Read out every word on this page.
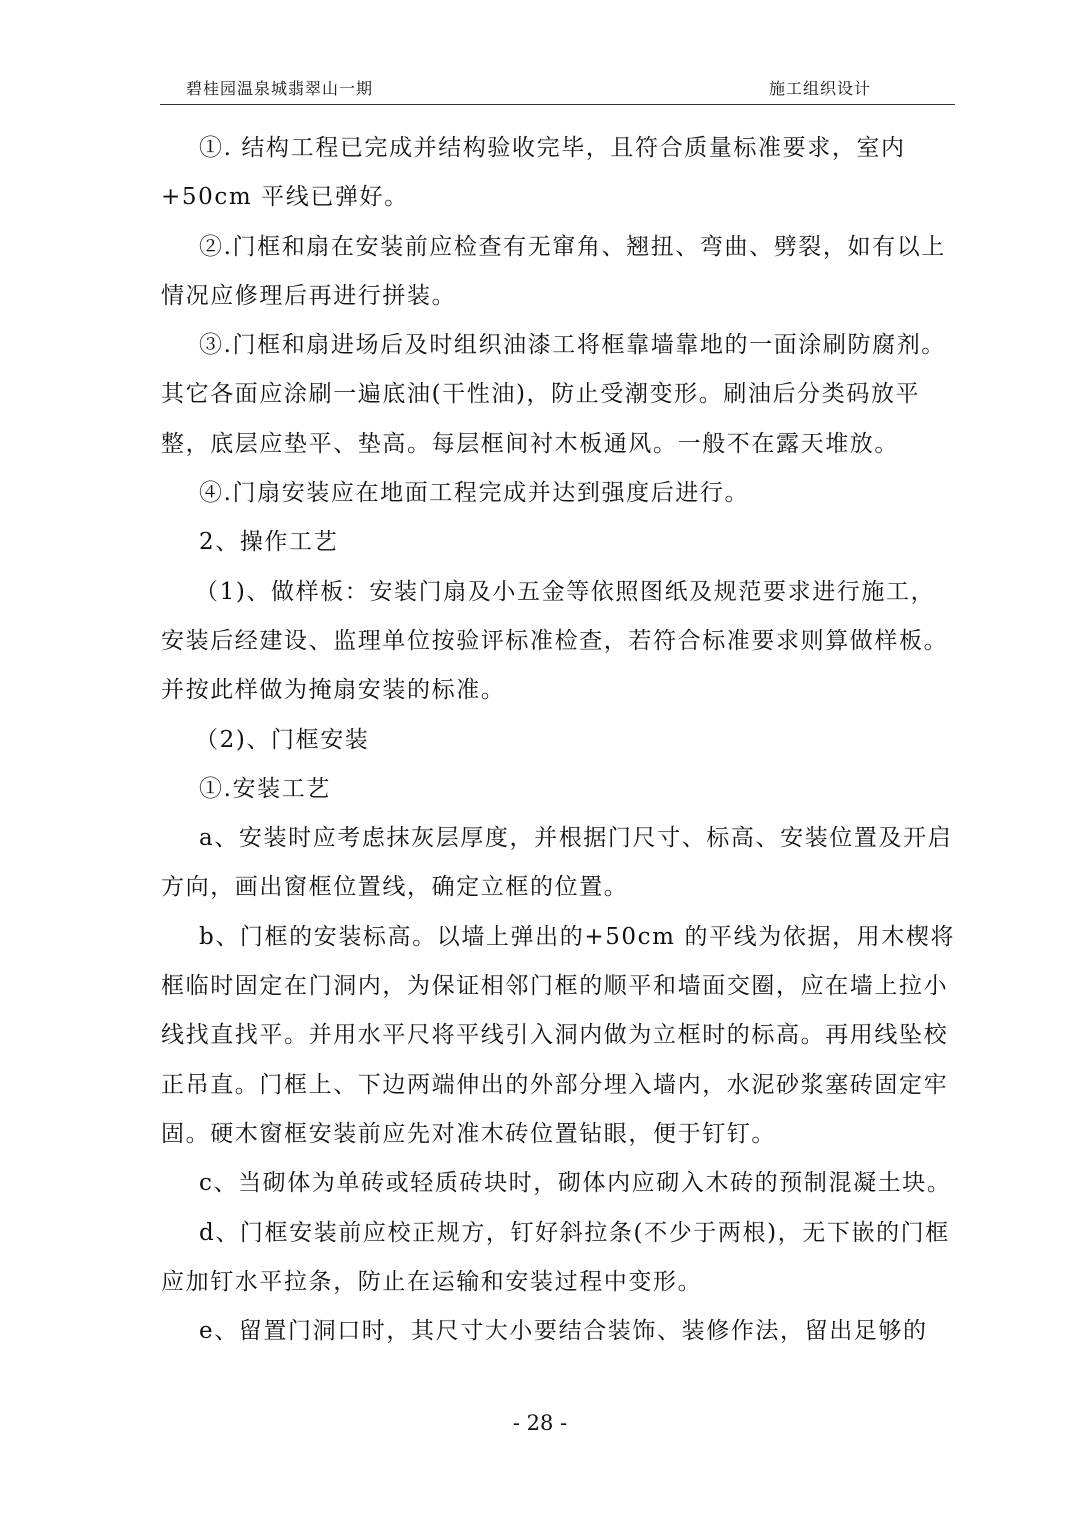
碧桂园温泉城翡翠山一期	施工组织设计

①. 结构工程已完成并结构验收完毕，且符合质量标准要求，室内+50cm 平线已弹好。

②.门框和扇在安装前应检查有无窜角、翘扭、弯曲、劈裂，如有以上情况应修理后再进行拼装。

③.门框和扇进场后及时组织油漆工将框靠墙靠地的一面涂刷防腐剂。其它各面应涂刷一遍底油(干性油)，防止受潮变形。刷油后分类码放平整，底层应垫平、垫高。每层框间衬木板通风。一般不在露天堆放。

④.门扇安装应在地面工程完成并达到强度后进行。

2、操作工艺

（1)、做样板：安装门扇及小五金等依照图纸及规范要求进行施工，安装后经建设、监理单位按验评标准检查，若符合标准要求则算做样板。并按此样做为掩扇安装的标准。

（2)、门框安装

①.安装工艺

a、安装时应考虑抹灰层厚度，并根据门尺寸、标高、安装位置及开启方向，画出窗框位置线，确定立框的位置。

b、门框的安装标高。以墙上弹出的+50cm 的平线为依据，用木楔将框临时固定在门洞内，为保证相邻门框的顺平和墙面交圈，应在墙上拉小线找直找平。并用水平尺将平线引入洞内做为立框时的标高。再用线坠校正吊直。门框上、下边两端伸出的外部分埋入墙内，水泥砂浆塞砖固定牢固。硬木窗框安装前应先对准木砖位置钻眼，便于钉钉。

c、当砌体为单砖或轻质砖块时，砌体内应砌入木砖的预制混凝土块。

d、门框安装前应校正规方，钉好斜拉条(不少于两根)，无下嵌的门框应加钉水平拉条，防止在运输和安装过程中变形。

e、留置门洞口时，其尺寸大小要结合装饰、装修作法，留出足够的

- 28 -
